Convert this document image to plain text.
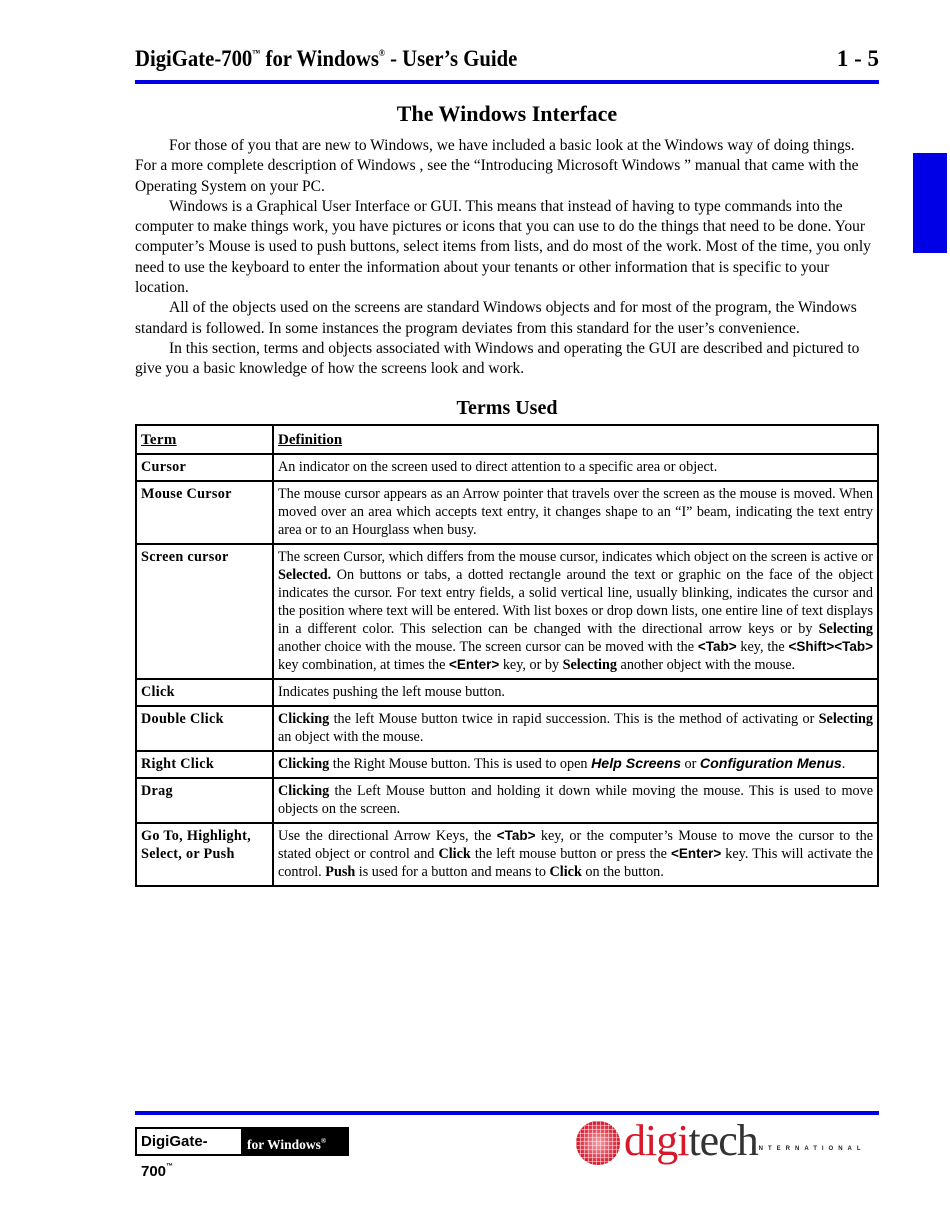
DigiGate-700™ for Windows® - User’s Guide	1 - 5
The Windows Interface

For those of you that are new to Windows, we have included a basic look at the Windows way of doing things. For a more complete description of Windows , see the “Introducing Microsoft Windows ” manual that came with the Operating System on your PC.

Windows is a Graphical User Interface or GUI. This means that instead of having to type commands into the computer to make things work, you have pictures or icons that you can use to do the things that need to be done. Your computer’s Mouse is used to push buttons, select items from lists, and do most of the work. Most of the time, you only need to use the keyboard to enter the information about your tenants or other information that is specific to your location.

All of the objects used on the screens are standard Windows objects and for most of the program, the Windows standard is followed. In some instances the program deviates from this standard for the user’s convenience.

In this section, terms and objects associated with Windows and operating the GUI are described and pictured to give you a basic knowledge of how the screens look and work.

Terms Used
Term	Definition
Cursor	An indicator on the screen used to direct attention to a specific area or object.
Mouse Cursor	The mouse cursor appears as an Arrow pointer that travels over the screen as the mouse is moved. When moved over an area which accepts text entry, it changes shape to an “I” beam, indicating the text entry area or to an Hourglass when busy.
Screen cursor	The screen Cursor, which differs from the mouse cursor, indicates which object on the screen is active or Selected. On buttons or tabs, a dotted rectangle around the text or graphic on the face of the object indicates the cursor. For text entry fields, a solid vertical line, usually blinking, indicates the cursor and the position where text will be entered. With list boxes or drop down lists, one entire line of text displays in a different color. This selection can be changed with the directional arrow keys or by Selecting another choice with the mouse. The screen cursor can be moved with the <Tab> key, the <Shift><Tab> key combination, at times the <Enter> key, or by Selecting another object with the mouse.
Click	Indicates pushing the left mouse button.
Double Click	Clicking the left Mouse button twice in rapid succession. This is the method of activating or Selecting an object with the mouse.
Right Click	Clicking the Right Mouse button. This is used to open Help Screens or Configuration Menus.
Drag	Clicking the Left Mouse button and holding it down while moving the mouse. This is used to move objects on the screen.
Go To, Highlight, Select, or Push	Use the directional Arrow Keys, the <Tab> key, or the computer’s Mouse to move the cursor to the stated object or control and Click the left mouse button or press the <Enter> key. This will activate the control. Push is used for a button and means to Click on the button.
DigiGate-700™
for Windows®	digitech
INTERNATIONAL
